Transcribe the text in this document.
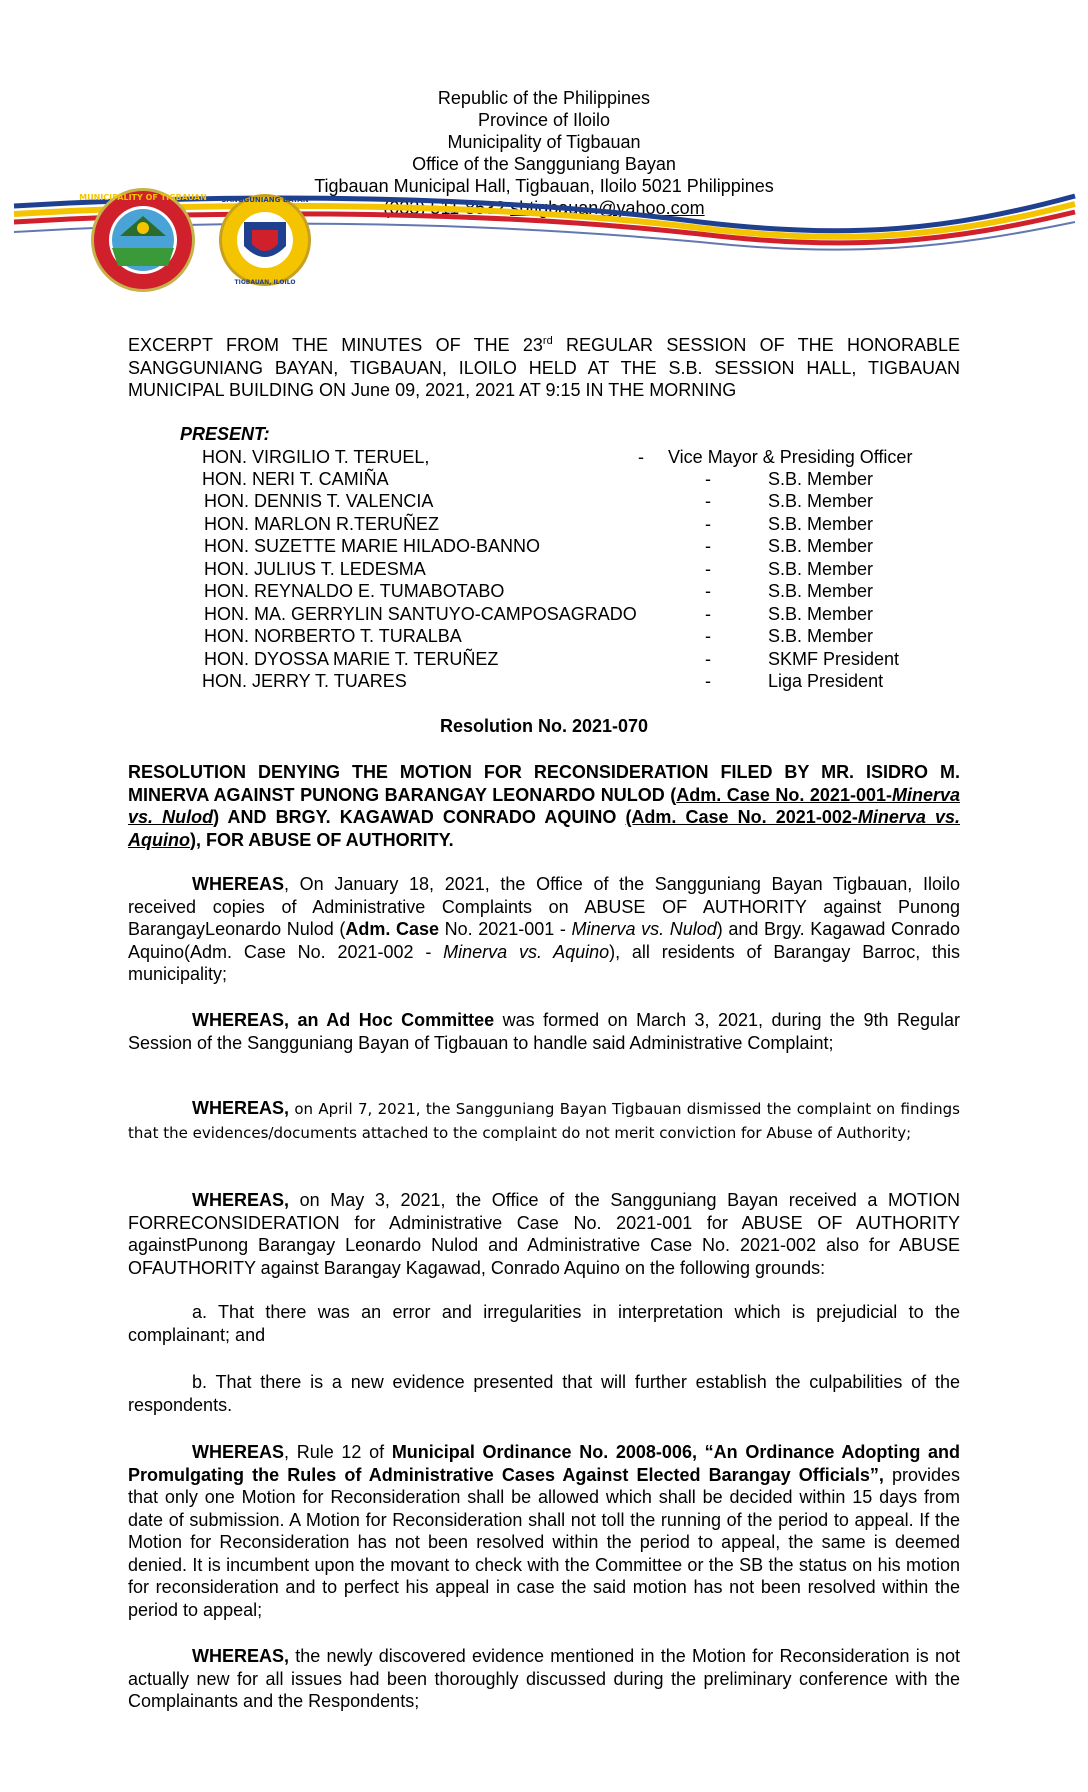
Republic of the Philippines
Province of Iloilo
Municipality of Tigbauan
Office of the Sangguniang Bayan
Tigbauan Municipal Hall, Tigbauan, Iloilo 5021 Philippines
(033) 511-8532 sbtigbauan@yahoo.com
MUNICIPALITY OF TIGBAUAN SANGGUNIANG BAYAN
TIGBAUAN, ILOILO
EXCERPT FROM THE MINUTES OF THE 23rd REGULAR SESSION OF THE HONORABLE SANGGUNIANG BAYAN, TIGBAUAN, ILOILO HELD AT THE S.B. SESSION HALL, TIGBAUAN MUNICIPAL BUILDING ON June 09, 2021, 2021 AT 9:15 IN THE MORNING
PRESENT:
HON. VIRGILIO T. TERUEL,	- Vice Mayor & Presiding Officer
HON. NERI T. CAMIÑA	-	S.B. Member
HON. DENNIS T. VALENCIA	-	S.B. Member
HON. MARLON R.TERUÑEZ	-	S.B. Member
HON. SUZETTE MARIE HILADO-BANNO	-	S.B. Member
HON. JULIUS T. LEDESMA	-	S.B. Member
HON. REYNALDO E. TUMABOTABO	-	S.B. Member
HON. MA. GERRYLIN SANTUYO-CAMPOSAGRADO	-	S.B. Member
HON. NORBERTO T. TURALBA	-	S.B. Member
HON. DYOSSA MARIE T. TERUÑEZ	-	SKMF President
HON. JERRY T. TUARES	-	Liga President
Resolution No. 2021-070
RESOLUTION DENYING THE MOTION FOR RECONSIDERATION FILED BY MR. ISIDRO M. MINERVA AGAINST PUNONG BARANGAY LEONARDO NULOD (Adm. Case No. 2021-001-Minerva vs. Nulod) AND BRGY. KAGAWAD CONRADO AQUINO (Adm. Case No. 2021-002-Minerva vs. Aquino), FOR ABUSE OF AUTHORITY.
WHEREAS, On January 18, 2021, the Office of the Sangguniang Bayan Tigbauan, Iloilo received copies of Administrative Complaints on ABUSE OF AUTHORITY against Punong BarangayLeonardo Nulod (Adm. Case No. 2021-001 - Minerva vs. Nulod) and Brgy. Kagawad Conrado Aquino(Adm. Case No. 2021-002 - Minerva vs. Aquino), all residents of Barangay Barroc, this municipality;
WHEREAS, an Ad Hoc Committee was formed on March 3, 2021, during the 9th Regular Session of the Sangguniang Bayan of Tigbauan to handle said Administrative Complaint;
WHEREAS, on April 7, 2021, the Sangguniang Bayan Tigbauan dismissed the complaint on findings that the evidences/documents attached to the complaint do not merit conviction for Abuse of Authority;
WHEREAS, on May 3, 2021, the Office of the Sangguniang Bayan received a MOTION FORRECONSIDERATION for Administrative Case No. 2021-001 for ABUSE OF AUTHORITY againstPunong Barangay Leonardo Nulod and Administrative Case No. 2021-002 also for ABUSE OFAUTHORITY against Barangay Kagawad, Conrado Aquino on the following grounds:
a. That there was an error and irregularities in interpretation which is prejudicial to the complainant; and
b. That there is a new evidence presented that will further establish the culpabilities of the respondents.
WHEREAS, Rule 12 of Municipal Ordinance No. 2008-006, “An Ordinance Adopting and Promulgating the Rules of Administrative Cases Against Elected Barangay Officials”, provides that only one Motion for Reconsideration shall be allowed which shall be decided within 15 days from date of submission. A Motion for Reconsideration shall not toll the running of the period to appeal. If the Motion for Reconsideration has not been resolved within the period to appeal, the same is deemed denied. It is incumbent upon the movant to check with the Committee or the SB the status on his motion for reconsideration and to perfect his appeal in case the said motion has not been resolved within the period to appeal;
WHEREAS, the newly discovered evidence mentioned in the Motion for Reconsideration is not actually new for all issues had been thoroughly discussed during the preliminary conference with the Complainants and the Respondents;
